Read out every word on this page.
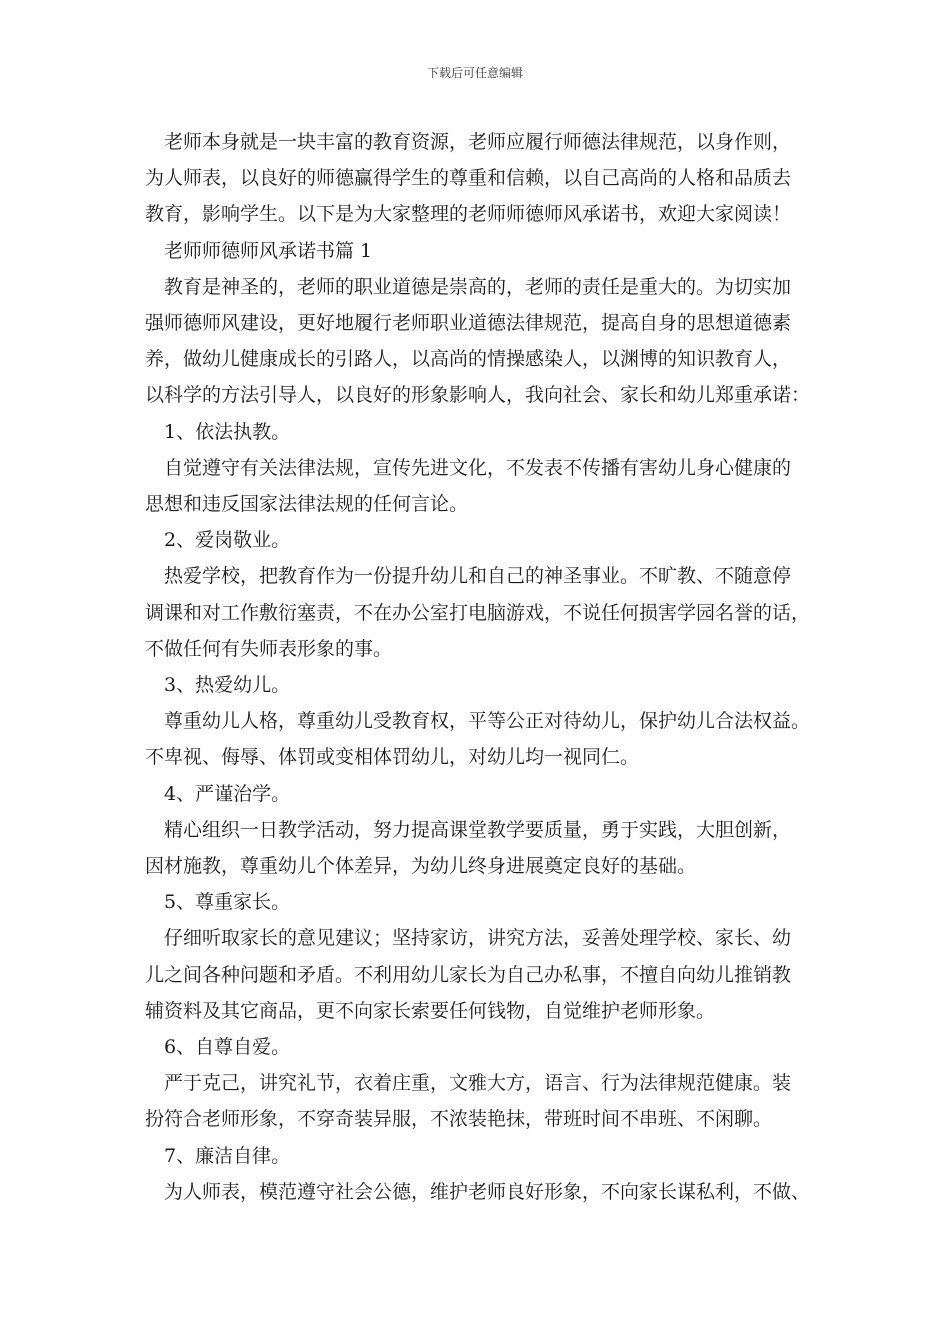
下载后可任意编辑

老师本身就是一块丰富的教育资源，老师应履行师德法律规范，以身作则，

为人师表，以良好的师德赢得学生的尊重和信赖，以自己高尚的人格和品质去

教育，影响学生。以下是为大家整理的老师师德师风承诺书，欢迎大家阅读！

老师师德师风承诺书篇 1

教育是神圣的，老师的职业道德是崇高的，老师的责任是重大的。为切实加

强师德师风建设，更好地履行老师职业道德法律规范，提高自身的思想道德素

养，做幼儿健康成长的引路人，以高尚的情操感染人，以渊博的知识教育人，

以科学的方法引导人，以良好的形象影响人，我向社会、家长和幼儿郑重承诺：

1、依法执教。

自觉遵守有关法律法规，宣传先进文化，不发表不传播有害幼儿身心健康的

思想和违反国家法律法规的任何言论。

2、爱岗敬业。

热爱学校，把教育作为一份提升幼儿和自己的神圣事业。不旷教、不随意停

调课和对工作敷衍塞责，不在办公室打电脑游戏，不说任何损害学园名誉的话，

不做任何有失师表形象的事。

3、热爱幼儿。

尊重幼儿人格，尊重幼儿受教育权，平等公正对待幼儿，保护幼儿合法权益。

不卑视、侮辱、体罚或变相体罚幼儿，对幼儿均一视同仁。

4、严谨治学。

精心组织一日教学活动，努力提高课堂教学要质量，勇于实践，大胆创新，

因材施教，尊重幼儿个体差异，为幼儿终身进展奠定良好的基础。

5、尊重家长。

仔细听取家长的意见建议；坚持家访，讲究方法，妥善处理学校、家长、幼

儿之间各种问题和矛盾。不利用幼儿家长为自己办私事，不擅自向幼儿推销教

辅资料及其它商品，更不向家长索要任何钱物，自觉维护老师形象。

6、自尊自爱。

严于克己，讲究礼节，衣着庄重，文雅大方，语言、行为法律规范健康。装

扮符合老师形象，不穿奇装异服，不浓装艳抹，带班时间不串班、不闲聊。

7、廉洁自律。

为人师表，模范遵守社会公德，维护老师良好形象，不向家长谋私利，不做、
